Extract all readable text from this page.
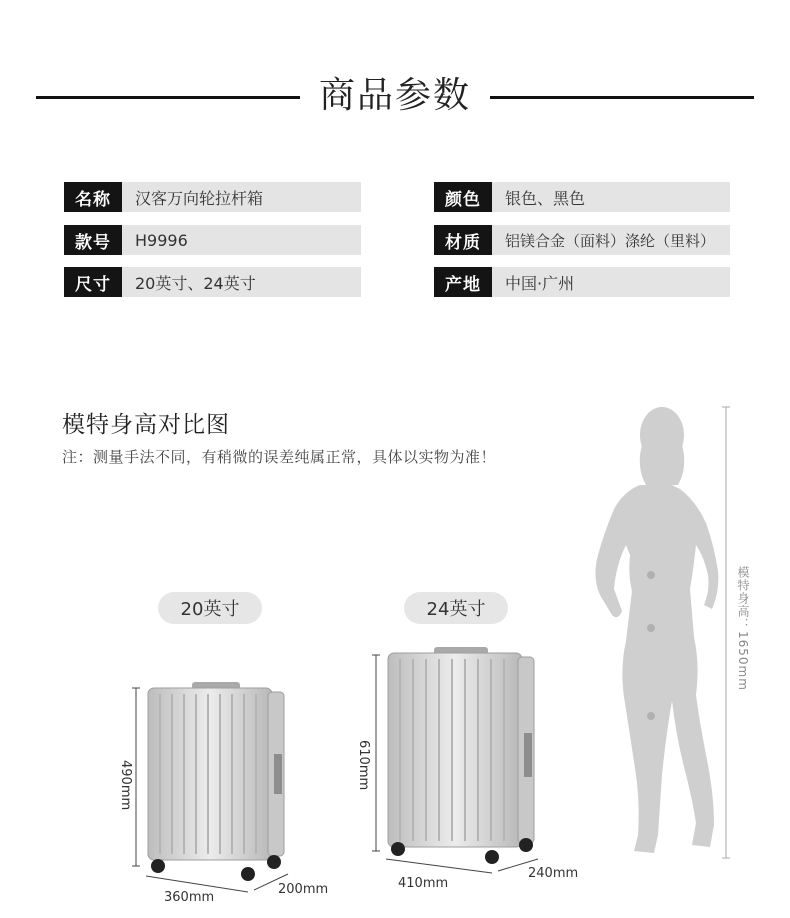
商品参数
名称	汉客万向轮拉杆箱
款号	H9996
尺寸	20英寸、24英寸
颜色	银色、黑色
材质	铝镁合金（面料）涤纶（里料）
产地	中国·广州
模特身高对比图
注：测量手法不同，有稍微的误差纯属正常，具体以实物为准！
模特身高：1650mm
20英寸	24英寸
490mm
360mm
200mm
610mm
410mm
240mm
